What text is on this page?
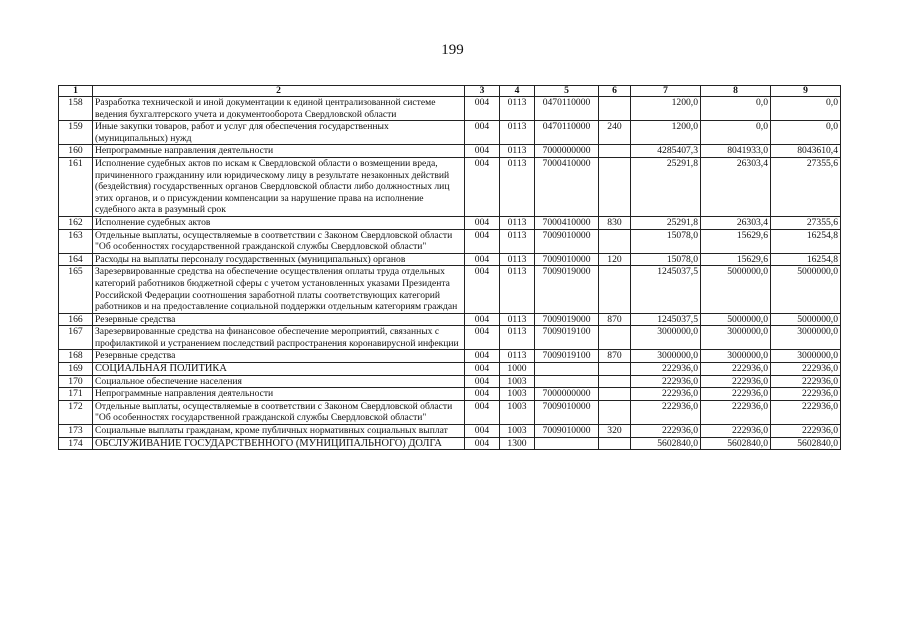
199
1	2	3	4	5	6	7	8	9
158	Разработка технической и иной документации к единой централизованной системе ведения бухгалтерского учета и документооборота Свердловской области	004	0113	0470110000		1200,0	0,0	0,0
159	Иные закупки товаров, работ и услуг для обеспечения государственных (муниципальных) нужд	004	0113	0470110000	240	1200,0	0,0	0,0
160	Непрограммные направления деятельности	004	0113	7000000000		4285407,3	8041933,0	8043610,4
161	Исполнение судебных актов по искам к Свердловской области о возмещении вреда, причиненного гражданину или юридическому лицу в результате незаконных действий (бездействия) государственных органов Свердловской области либо должностных лиц этих органов, и о присуждении компенсации за нарушение права на исполнение судебного акта в разумный срок	004	0113	7000410000		25291,8	26303,4	27355,6
162	Исполнение судебных актов	004	0113	7000410000	830	25291,8	26303,4	27355,6
163	Отдельные выплаты, осуществляемые в соответствии с Законом Свердловской области "Об особенностях государственной гражданской службы Свердловской области"	004	0113	7009010000		15078,0	15629,6	16254,8
164	Расходы на выплаты персоналу государственных (муниципальных) органов	004	0113	7009010000	120	15078,0	15629,6	16254,8
165	Зарезервированные средства на обеспечение осуществления оплаты труда отдельных категорий работников бюджетной сферы с учетом установленных указами Президента Российской Федерации соотношения заработной платы соответствующих категорий работников и на предоставление социальной поддержки отдельным категориям граждан	004	0113	7009019000		1245037,5	5000000,0	5000000,0
166	Резервные средства	004	0113	7009019000	870	1245037,5	5000000,0	5000000,0
167	Зарезервированные средства на финансовое обеспечение мероприятий, связанных с профилактикой и устранением последствий распространения коронавирусной инфекции	004	0113	7009019100		3000000,0	3000000,0	3000000,0
168	Резервные средства	004	0113	7009019100	870	3000000,0	3000000,0	3000000,0
169	СОЦИАЛЬНАЯ ПОЛИТИКА	004	1000			222936,0	222936,0	222936,0
170	Социальное обеспечение населения	004	1003			222936,0	222936,0	222936,0
171	Непрограммные направления деятельности	004	1003	7000000000		222936,0	222936,0	222936,0
172	Отдельные выплаты, осуществляемые в соответствии с Законом Свердловской области "Об особенностях государственной гражданской службы Свердловской области"	004	1003	7009010000		222936,0	222936,0	222936,0
173	Социальные выплаты гражданам, кроме публичных нормативных социальных выплат	004	1003	7009010000	320	222936,0	222936,0	222936,0
174	ОБСЛУЖИВАНИЕ ГОСУДАРСТВЕННОГО (МУНИЦИПАЛЬНОГО) ДОЛГА	004	1300			5602840,0	5602840,0	5602840,0
